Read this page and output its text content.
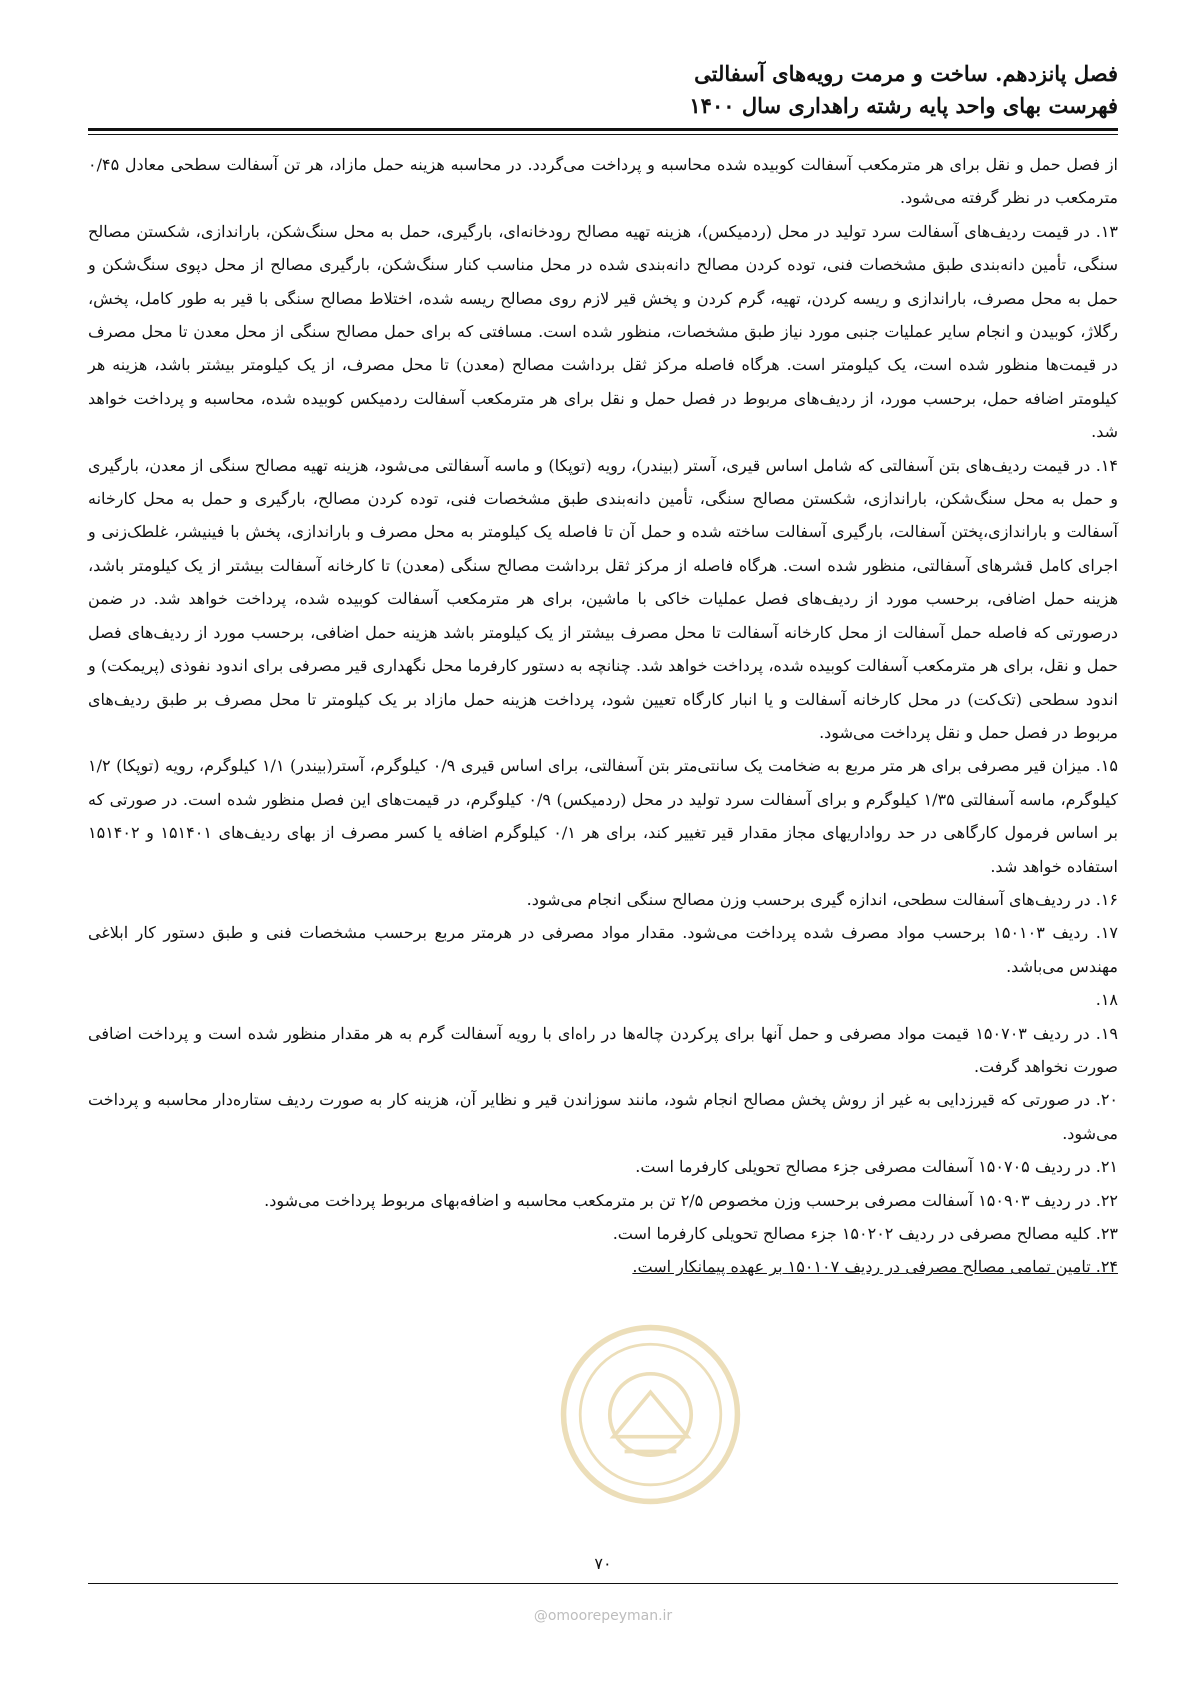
فصل پانزدهم. ساخت و مرمت رویه‌های آسفالتی
فهرست بهای واحد پایه رشته راهداری سال ۱۴۰۰

از فصل حمل و نقل برای هر مترمکعب آسفالت کوبیده شده محاسبه و پرداخت می‌گردد. در محاسبه هزینه حمل مازاد، هر تن آسفالت سطحی معادل ۰/۴۵ مترمکعب در نظر گرفته می‌شود.

۱۳. در قیمت ردیف‌های آسفالت سرد تولید در محل (ردمیکس)، هزینه تهیه مصالح رودخانه‌ای، بارگیری، حمل به محل سنگ‌شکن، باراندازی، شکستن مصالح سنگی، تأمین دانه‌بندی طبق مشخصات فنی، توده کردن مصالح دانه‌بندی شده در محل مناسب کنار سنگ‌شکن، بارگیری مصالح از محل دپوی سنگ‌شکن و حمل به محل مصرف، باراندازی و ریسه کردن، تهیه، گرم کردن و پخش قیر لازم روی مصالح ریسه شده، اختلاط مصالح سنگی با قیر به طور کامل، پخش، رگلاژ، کوبیدن و انجام سایر عملیات جنبی مورد نیاز طبق مشخصات، منظور شده است. مسافتی که برای حمل مصالح سنگی از محل معدن تا محل مصرف در قیمت‌ها منظور شده است، یک کیلومتر است. هرگاه فاصله مرکز ثقل برداشت مصالح (معدن) تا محل مصرف، از یک کیلومتر بیشتر باشد، هزینه هر کیلومتر اضافه حمل، برحسب مورد، از ردیف‌های مربوط در فصل حمل و نقل برای هر مترمکعب آسفالت ردمیکس کوبیده شده، محاسبه و پرداخت خواهد شد.

۱۴. در قیمت ردیف‌های بتن آسفالتی که شامل اساس قیری، آستر (بیندر)، رویه (توپکا) و ماسه آسفالتی می‌شود، هزینه تهیه مصالح سنگی از معدن، بارگیری و حمل به محل سنگ‌شکن، باراندازی، شکستن مصالح سنگی، تأمین دانه‌بندی طبق مشخصات فنی، توده کردن مصالح، بارگیری و حمل به محل کارخانه آسفالت و باراندازی،پختن آسفالت، بارگیری آسفالت ساخته شده و حمل آن تا فاصله یک کیلومتر به محل مصرف و باراندازی، پخش با فینیشر، غلطک‌زنی و اجرای کامل قشرهای آسفالتی، منظور شده است. هرگاه فاصله از مرکز ثقل برداشت مصالح سنگی (معدن) تا کارخانه آسفالت بیشتر از یک کیلومتر باشد، هزینه حمل اضافی، برحسب مورد از ردیف‌های فصل عملیات خاکی با ماشین، برای هر مترمکعب آسفالت کوبیده شده، پرداخت خواهد شد. در ضمن درصورتی که فاصله حمل آسفالت از محل کارخانه آسفالت تا محل مصرف بیشتر از یک کیلومتر باشد هزینه حمل اضافی، برحسب مورد از ردیف‌های فصل حمل و نقل، برای هر مترمکعب آسفالت کوبیده شده، پرداخت خواهد شد. چنانچه به دستور کارفرما محل نگهداری قیر مصرفی برای اندود نفوذی (پریمکت) و اندود سطحی (تک‌کت) در محل کارخانه آسفالت و یا انبار کارگاه تعیین شود، پرداخت هزینه حمل مازاد بر یک کیلومتر تا محل مصرف بر طبق ردیف‌های مربوط در فصل حمل و نقل پرداخت می‌شود.

۱۵. میزان قیر مصرفی برای هر متر مربع به ضخامت یک سانتی‌متر بتن آسفالتی، برای اساس قیری ۰/۹ کیلوگرم، آستر(بیندر) ۱/۱ کیلوگرم، رویه (توپکا) ۱/۲ کیلوگرم، ماسه آسفالتی ۱/۳۵ کیلوگرم و برای آسفالت سرد تولید در محل (ردمیکس) ۰/۹ کیلوگرم، در قیمت‌های این فصل منظور شده است. در صورتی که بر اساس فرمول کارگاهی در حد رواداریهای مجاز مقدار قیر تغییر کند، برای هر ۰/۱ کیلوگرم اضافه یا کسر مصرف از بهای ردیف‌های ۱۵۱۴۰۱ و ۱۵۱۴۰۲ استفاده خواهد شد.

۱۶. در ردیف‌های آسفالت سطحی، اندازه گیری برحسب وزن مصالح سنگی انجام می‌شود.

۱۷. ردیف ۱۵۰۱۰۳ برحسب مواد مصرف شده پرداخت می‌شود. مقدار مواد مصرفی در هرمتر مربع برحسب مشخصات فنی و طبق دستور کار ابلاغی مهندس می‌باشد.

۱۸.

۱۹. در ردیف ۱۵۰۷۰۳ قیمت مواد مصرفی و حمل آنها برای پرکردن چاله‌ها در راه‌ای با رویه آسفالت گرم به هر مقدار منظور شده است و پرداخت اضافی صورت نخواهد گرفت.

۲۰. در صورتی که قیرزدایی به غیر از روش پخش مصالح انجام شود، مانند سوزاندن قیر و نظایر آن، هزینه کار به صورت ردیف ستاره‌دار محاسبه و پرداخت می‌شود.

۲۱. در ردیف ۱۵۰۷۰۵ آسفالت مصرفی جزء مصالح تحویلی کارفرما است.

۲۲. در ردیف ۱۵۰۹۰۳ آسفالت مصرفی برحسب وزن مخصوص ۲/۵ تن بر مترمکعب محاسبه و اضافه‌بهای مربوط پرداخت می‌شود.

۲۳. کلیه مصالح مصرفی در ردیف ۱۵۰۲۰۲ جزء مصالح تحویلی کارفرما است.

۲۴. تامین تمامی مصالح مصرفی در ردیف ۱۵۰۱۰۷ بر عهده پیمانکار است.

۷۰
@omoorepeyman.ir
